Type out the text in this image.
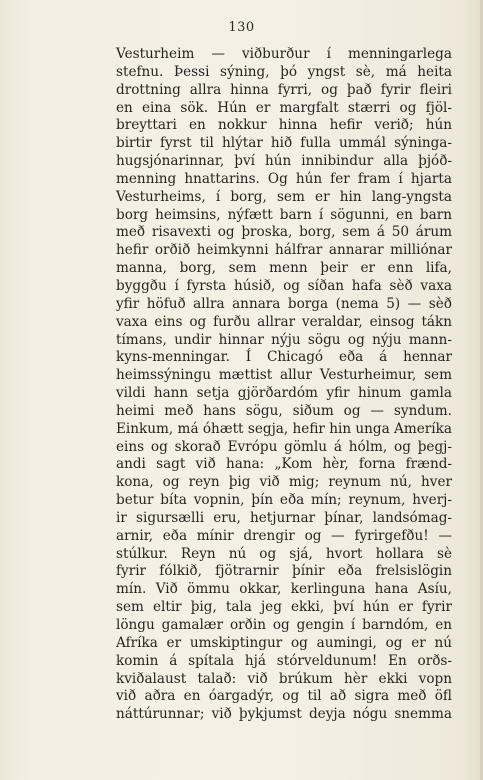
130
Vesturheim — viðburður í menningarlega
stefnu. Þessi sýning, þó yngst sè, má heita
drottning allra hinna fyrri, og það fyrir fleiri
en eina sök. Hún er margfalt stærri og fjöl-
breyttari en nokkur hinna hefir verið; hún
birtir fyrst til hlýtar hið fulla ummál sýninga-
hugsjónarinnar, því hún innibindur alla þjóð-
menning hnattarins. Og hún fer fram í hjarta
Vesturheims, í borg, sem er hin lang-yngsta
borg heimsins, nýfætt barn í sögunni, en barn
með risavexti og þroska, borg, sem á 50 árum
hefir orðið heimkynni hálfrar annarar milliónar
manna, borg, sem menn þeir er enn lifa,
byggðu í fyrsta húsið, og síðan hafa sèð vaxa
yfir höfuð allra annara borga (nema 5) — sèð
vaxa eins og furðu allrar veraldar, einsog tákn
tímans, undir hinnar nýju sögu og nýju mann-
kyns-menningar. Í Chicagó eða á hennar
heimssýningu mættist allur Vesturheimur, sem
vildi hann setja gjörðardóm yfir hinum gamla
heimi með hans sögu, siðum og — syndum.
Einkum, má óhætt segja, hefir hin unga Ameríka
eins og skorað Evrópu gömlu á hólm, og þegj-
andi sagt við hana: „Kom hèr, forna frænd-
kona, og reyn þig við mig; reynum nú, hver
betur bíta vopnin, þín eða mín; reynum, hverj-
ir sigursælli eru, hetjurnar þínar, landsómag-
arnir, eða mínir drengir og — fyrirgefðu! —
stúlkur. Reyn nú og sjá, hvort hollara sè
fyrir fólkið, fjötrarnir þínir eða frelsislögin
mín. Við ömmu okkar, kerlinguna hana Asíu,
sem eltir þig, tala jeg ekki, því hún er fyrir
löngu gamalær orðin og gengin í barndóm, en
Afríka er umskiptingur og aumingi, og er nú
komin á spítala hjá stórveldunum! En orðs-
kviðalaust talað: við brúkum hèr ekki vopn
við aðra en óargadýr, og til að sigra með öfl
náttúrunnar; við þykjumst deyja nógu snemma
